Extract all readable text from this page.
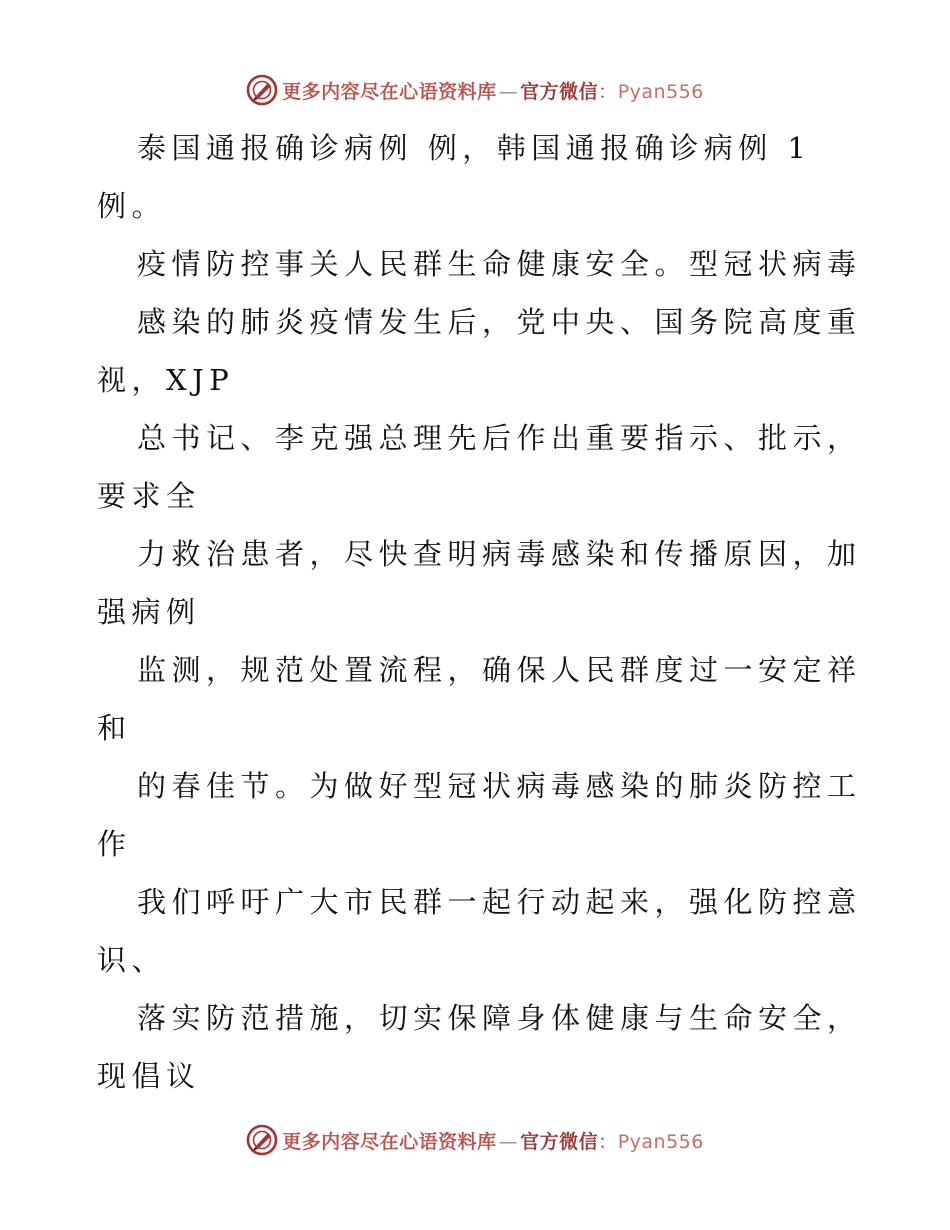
更多内容尽在心语资料库 — 官方微信：Pyan556
泰国通报确诊病例 例，韩国通报确诊病例 1
例。
疫情防控事关人民群生命健康安全。型冠状病毒
感染的肺炎疫情发生后，党中央、国务院高度重
视，XJP
总书记、李克强总理先后作出重要指示、批示，
要求全
力救治患者，尽快查明病毒感染和传播原因，加
强病例
监测，规范处置流程，确保人民群度过一安定祥
和
的春佳节。为做好型冠状病毒感染的肺炎防控工
作
我们呼吁广大市民群一起行动起来，强化防控意
识、
落实防范措施，切实保障身体健康与生命安全，
现倡议
更多内容尽在心语资料库 — 官方微信：Pyan556
